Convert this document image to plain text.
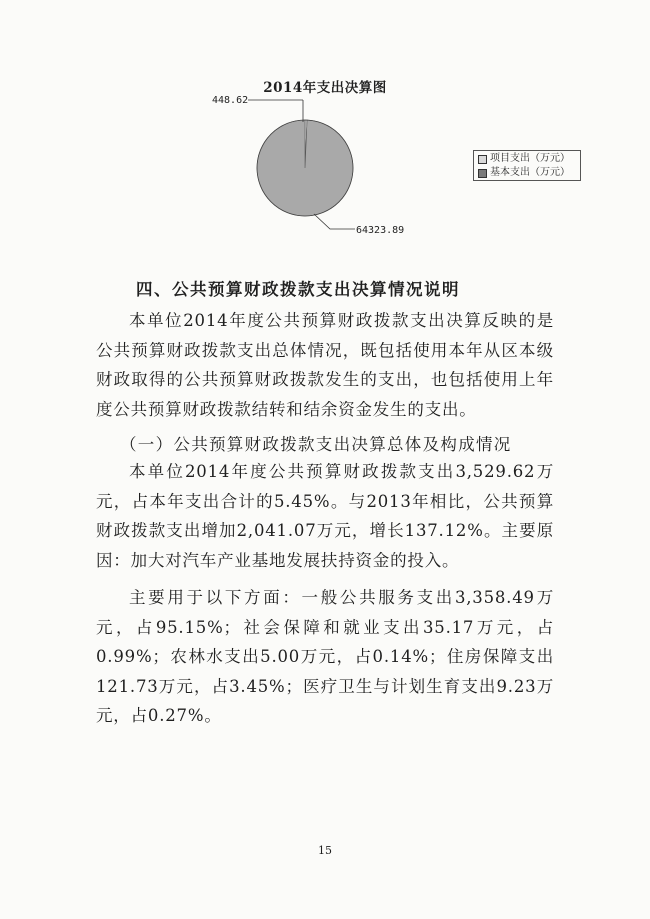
2014年支出决算图
448.62
64323.89
项目支出（万元）
基本支出（万元）
四、公共预算财政拨款支出决算情况说明
本单位2014年度公共预算财政拨款支出决算反映的是公共预算财政拨款支出总体情况，既包括使用本年从区本级财政取得的公共预算财政拨款发生的支出，也包括使用上年度公共预算财政拨款结转和结余资金发生的支出。
（一）公共预算财政拨款支出决算总体及构成情况
本单位2014年度公共预算财政拨款支出3,529.62万元，占本年支出合计的5.45%。与2013年相比，公共预算财政拨款支出增加2,041.07万元，增长137.12%。主要原因：加大对汽车产业基地发展扶持资金的投入。
主要用于以下方面：一般公共服务支出3,358.49万元，占95.15%；社会保障和就业支出35.17万元，占0.99%；农林水支出5.00万元，占0.14%；住房保障支出121.73万元，占3.45%；医疗卫生与计划生育支出9.23万元，占0.27%。
15
